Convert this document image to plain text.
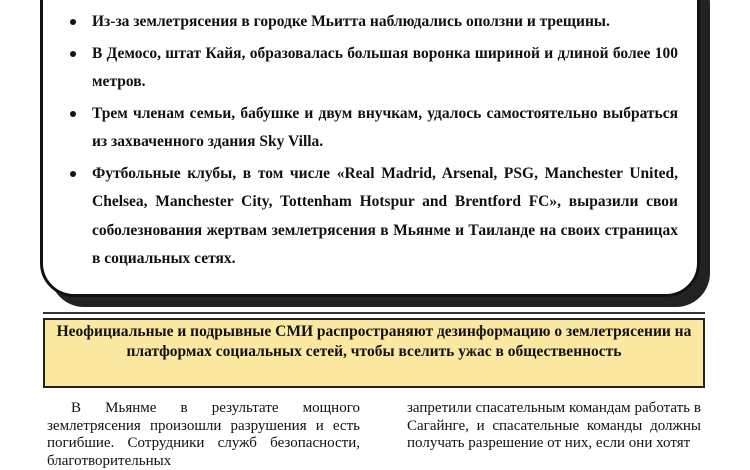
Из-за землетрясения в городке Мьитта наблюдались оползни и трещины.
В Демосо, штат Кайя, образовалась большая воронка шириной и длиной более 100 метров.
Трем членам семьи, бабушке и двум внучкам, удалось самостоятельно выбраться из захваченного здания Sky Villa.
Футбольные клубы, в том числе «Real Madrid, Arsenal, PSG, Manchester United, Chelsea, Manchester City, Tottenham Hotspur and Brentford FC», выразили свои соболезнования жертвам землетрясения в Мьянме и Таиланде на своих страницах в социальных сетях.
Неофициальные и подрывные СМИ распространяют дезинформацию о землетрясении на платформах социальных сетей, чтобы вселить ужас в общественность
В Мьянме в результате мощного землетрясения произошли разрушения и есть погибшие. Сотрудники служб безопасности, благотворительных
запретили спасательным командам работать в Сагайнге, и спасательные команды должны получать разрешение от них, если они хотят
